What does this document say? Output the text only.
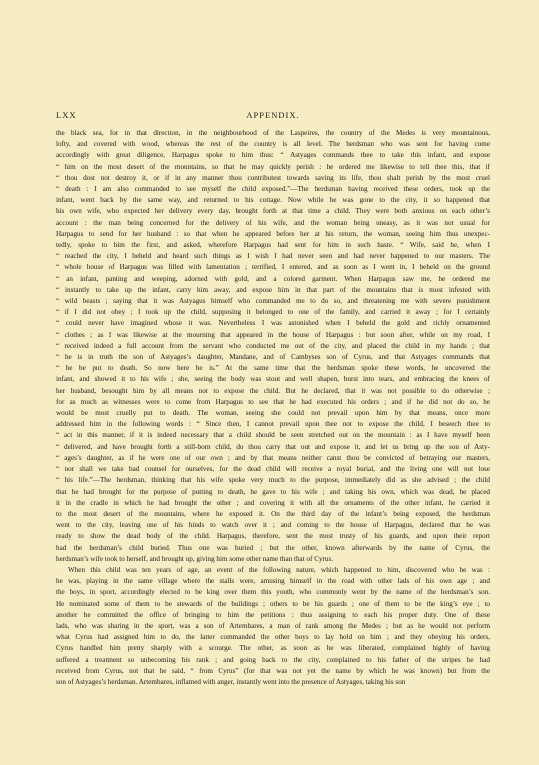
LXX	APPENDIX.

the black sea, for in that direction, in the neighbourhood of the Laspeires, the country of the Medes is very mountainous,
lofty, and covered with wood, whereas the rest of the country is all level. The herdsman who was sent for having come
accordingly with great diligence, Harpagus spoke to him thus: “ Astyages commands thee to take this infant, and expose
“ him on the most desert of the mountains, so that he may quickly perish : he ordered me likewise to tell thee this, that if
“ thou dost not destroy it, or if in any manner thou contributest towards saving its life, thou shalt perish by the most cruel
“ death : I am also commanded to see myself the child exposed.”—The herdsman having received these orders, took up the
infant, went back by the same way, and returned to his cottage. Now while he was gone to the city, it so happened that
his own wife, who expected her delivery every day, brought forth at that time a child. They were both anxious on each other’s
account : the man being concerned for the delivery of his wife, and the woman being uneasy, as it was not usual for
Harpagus to send for her husband : so that when he appeared before her at his return, the woman, seeing him thus unexpec-
tedly, spoke to him the first, and asked, wherefore Harpagus had sent for him in such haste. “ Wife, said he, when I
“ reached the city, I beheld and heard such things as I wish I had never seen and had never happened to our masters. The
“ whole house of Harpagus was filled with lamentation ; terrified, I entered, and as soon as I went in, I beheld on the ground
“ an infant, panting and weeping, adorned with gold, and a colored garment. When Harpagus saw me, he ordered me
“ instantly to take up the infant, carry him away, and expose him in that part of the mountains that is most infested with
“ wild beasts ; saying that it was Astyagus himself who commanded me to do so, and threatening me with severe punishment
“ if I did not obey ; I took up the child, supposing it belonged to one of the family, and carried it away ; for I certainly
“ could never have imagined whose it was. Nevertheless I was astonished when I beheld the gold and richly ornamented
“ clothes ; as I was likewise at the mourning that appeared in the house of Harpagus : but soon after, while on my road, I
“ received indeed a full account from the servant who conducted me out of the city, and placed the child in my hands ; that
“ he is in truth the son of Astyages’s daughter, Mandane, and of Cambyses son of Cyrus, and that Astyages commands that
“ he be put to death. So now here he is.” At the same time that the herdsman spoke these words, he uncovered the
infant, and showed it to his wife ; she, seeing the body was stout and well shapen, burst into tears, and embracing the knees of
her husband, besought him by all means not to expose the child. But he declared, that it was not possible to do otherwise ;
for as much as witnesses were to come from Harpagus to see that he had executed his orders ; and if he did not do so, he
would be most cruelly put to death. The woman, seeing she could not prevail upon him by that means, once more
addressed him in the following words : “ Since then, I cannot prevail upon thee not to expose the child, I beseech thee to
“ act in this manner, if it is indeed necessary that a child should be seen stretched out on the mountain : as I have myself been
“ delivered, and have brought forth a still-born child, do thou carry that out and expose it, and let us bring up the son of Asty-
“ ages’s daughter, as if he were one of our own ; and by that means neither canst thou be convicted of betraying our masters,
“ nor shall we take bad counsel for ourselves, for the dead child will receive a royal burial, and the living one will not lose
“ his life.”—The herdsman, thinking that his wife spoke very much to the purpose, immediately did as she advised ; the child
that he had brought for the purpose of putting to death, he gave to his wife ; and taking his own, which was dead, he placed
it in the cradle in which he had brought the other ; and covering it with all the ornaments of the other infant, he carried it
to the most desert of the mountains, where he exposed it. On the third day of the infant’s being exposed, the herdsman
went to the city, leaving one of his hinds to watch over it ; and coming to the house of Harpagus, declared that he was
ready to show the dead body of the child. Harpagus, therefore, sent the most trusty of his guards, and upon their report
had the herdsman’s child buried. Thus one was buried ; but the other, known afterwards by the name of Cyrus, the
herdsman’s wife took to herself, and brought up, giving him some other name than that of Cyrus.

When this child was ten years of age, an event of the following nature, which happened to him, discovered who he was :
he was, playing in the same village where the stalls were, amusing himself in the road with other lads of his own age ; and
the boys, in sport, accordingly elected to be king over them this youth, who commonly went by the name of the herdsman’s son.
He nominated some of them to be stewards of the buildings ; others to be his guards ; one of them to be the king’s eye ; to
another he committed the office of bringing to him the petitions : thus assigning to each his proper duty. One of these
lads, who was sharing in the sport, was a son of Artembares, a man of rank among the Medes ; but as he would not perform
what Cyrus had assigned him to do, the latter commanded the other boys to lay hold on him ; and they obeying his orders,
Cyrus handled him pretty sharply with a scourge. The other, as soon as he was liberated, complained highly of having
suffered a treatment so unbecoming his rank ; and going back to the city, complained to his father of the stripes he had
received from Cyrus, not that he said, “ from Cyrus” (for that was not yet the name by which he was known) but from the
son of Astyages’s herdsman. Artembares, inflamed with anger, instantly went into the presence of Astyages, taking his son
